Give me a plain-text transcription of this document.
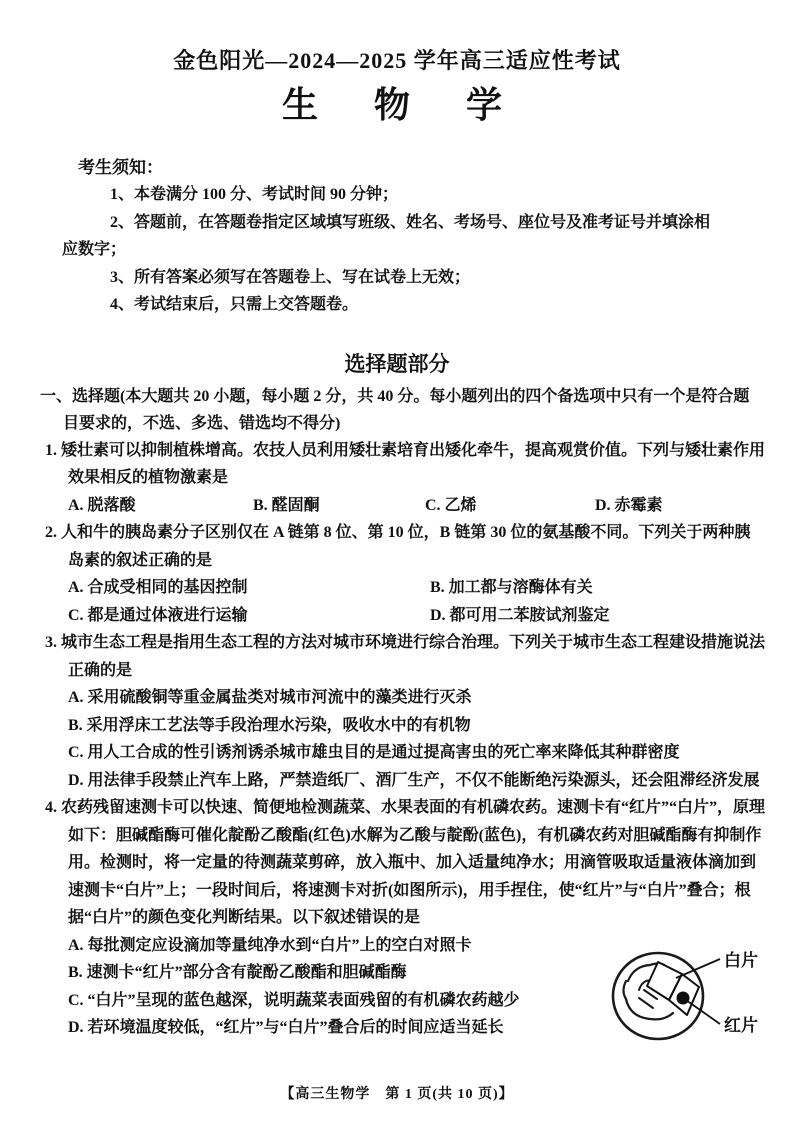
金色阳光—2024—2025 学年高三适应性考试
生　物　学
考生须知：

1、本卷满分 100 分、考试时间 90 分钟；

2、答题前，在答题卷指定区域填写班级、姓名、考场号、座位号及准考证号并填涂相应数字；

3、所有答案必须写在答题卷上、写在试卷上无效；

4、考试结束后，只需上交答题卷。

选择题部分

一、选择题(本大题共 20 小题，每小题 2 分，共 40 分。每小题列出的四个备选项中只有一个是符合题目要求的，不选、多选、错选均不得分)

1. 矮壮素可以抑制植株增高。农技人员利用矮壮素培育出矮化牵牛，提高观赏价值。下列与矮壮素作用效果相反的植物激素是

A. 脱落酸	B. 醛固酮	C. 乙烯	D. 赤霉素

2. 人和牛的胰岛素分子区别仅在 A 链第 8 位、第 10 位，B 链第 30 位的氨基酸不同。下列关于两种胰岛素的叙述正确的是

A. 合成受相同的基因控制	B. 加工都与溶酶体有关
C. 都是通过体液进行运输	D. 都可用二苯胺试剂鉴定

3. 城市生态工程是指用生态工程的方法对城市环境进行综合治理。下列关于城市生态工程建设措施说法正确的是

A. 采用硫酸铜等重金属盐类对城市河流中的藻类进行灭杀
B. 采用浮床工艺法等手段治理水污染，吸收水中的有机物
C. 用人工合成的性引诱剂诱杀城市雄虫目的是通过提高害虫的死亡率来降低其种群密度
D. 用法律手段禁止汽车上路，严禁造纸厂、酒厂生产，不仅不能断绝污染源头，还会阻滞经济发展

4. 农药残留速测卡可以快速、简便地检测蔬菜、水果表面的有机磷农药。速测卡有“红片”“白片”，原理如下：胆碱酯酶可催化靛酚乙酸酯(红色)水解为乙酸与靛酚(蓝色)，有机磷农药对胆碱酯酶有抑制作用。检测时，将一定量的待测蔬菜剪碎，放入瓶中、加入适量纯净水；用滴管吸取适量液体滴加到速测卡“白片”上；一段时间后，将速测卡对折(如图所示)，用手捏住，使“红片”与“白片”叠合；根据“白片”的颜色变化判断结果。以下叙述错误的是

A. 每批测定应设滴加等量纯净水到“白片”上的空白对照卡
B. 速测卡“红片”部分含有靛酚乙酸酯和胆碱酯酶
C. “白片”呈现的蓝色越深，说明蔬菜表面残留的有机磷农药越少
D. 若环境温度较低，“红片”与“白片”叠合后的时间应适当延长
白片
红片
【高三生物学　第 1 页(共 10 页)】
